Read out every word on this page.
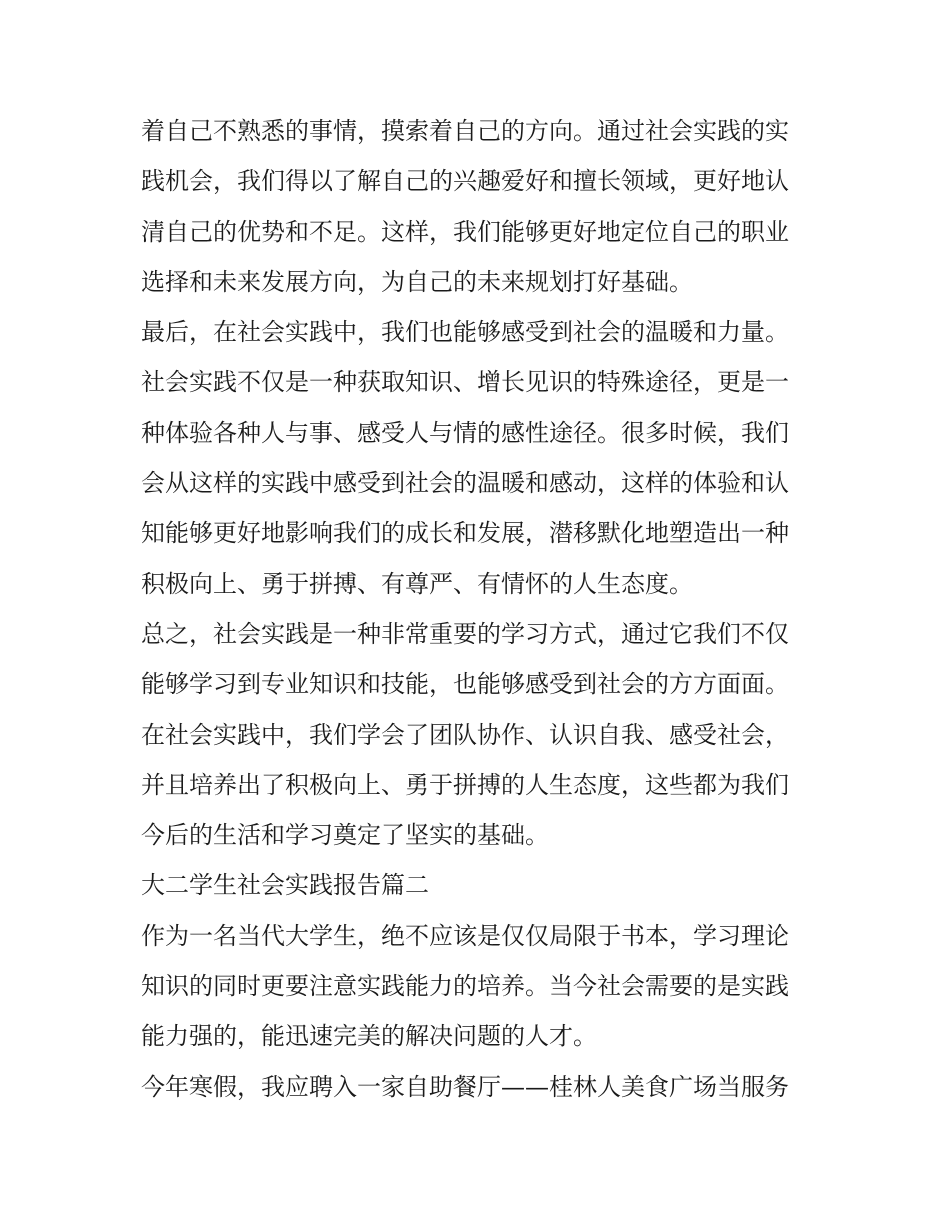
着自己不熟悉的事情，摸索着自己的方向。通过社会实践的实
践机会，我们得以了解自己的兴趣爱好和擅长领域，更好地认
清自己的优势和不足。这样，我们能够更好地定位自己的职业
选择和未来发展方向，为自己的未来规划打好基础。
最后，在社会实践中，我们也能够感受到社会的温暖和力量。
社会实践不仅是一种获取知识、增长见识的特殊途径，更是一
种体验各种人与事、感受人与情的感性途径。很多时候，我们
会从这样的实践中感受到社会的温暖和感动，这样的体验和认
知能够更好地影响我们的成长和发展，潜移默化地塑造出一种
积极向上、勇于拼搏、有尊严、有情怀的人生态度。
总之，社会实践是一种非常重要的学习方式，通过它我们不仅
能够学习到专业知识和技能，也能够感受到社会的方方面面。
在社会实践中，我们学会了团队协作、认识自我、感受社会，
并且培养出了积极向上、勇于拼搏的人生态度，这些都为我们
今后的生活和学习奠定了坚实的基础。
大二学生社会实践报告篇二
作为一名当代大学生，绝不应该是仅仅局限于书本，学习理论
知识的同时更要注意实践能力的培养。当今社会需要的是实践
能力强的，能迅速完美的解决问题的人才。
今年寒假，我应聘入一家自助餐厅——桂林人美食广场当服务
